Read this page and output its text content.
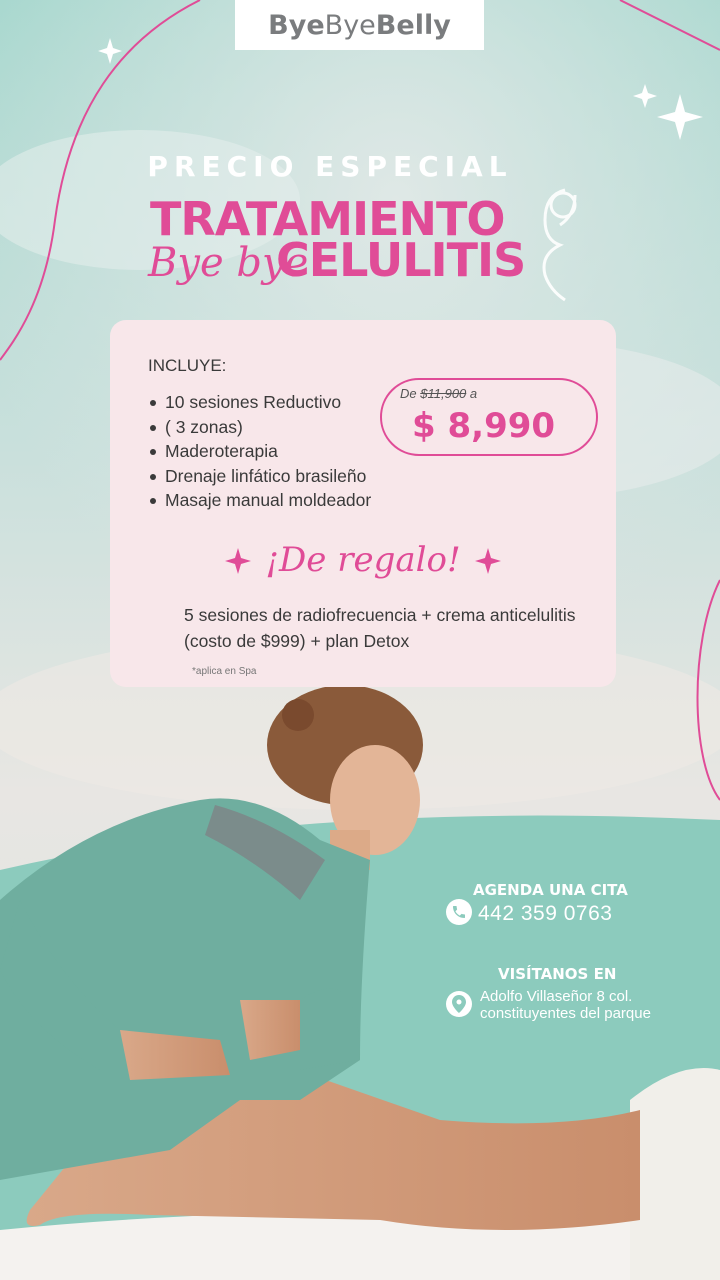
Bye Bye Belly
PRECIO ESPECIAL
TRATAMIENTO
Bye bye
CELULITIS
INCLUYE:
10 sesiones Reductivo
( 3 zonas)
Maderoterapia
Drenaje linfático brasileño
Masaje manual moldeador
De $11,900 a
$ 8,990
¡De regalo!
5 sesiones de radiofrecuencia + crema anticelulitis (costo de $999) + plan Detox
*aplica en Spa
AGENDA UNA CITA
442 359 0763
VISÍTANOS EN
Adolfo Villaseñor 8 col.
constituyentes del parque
